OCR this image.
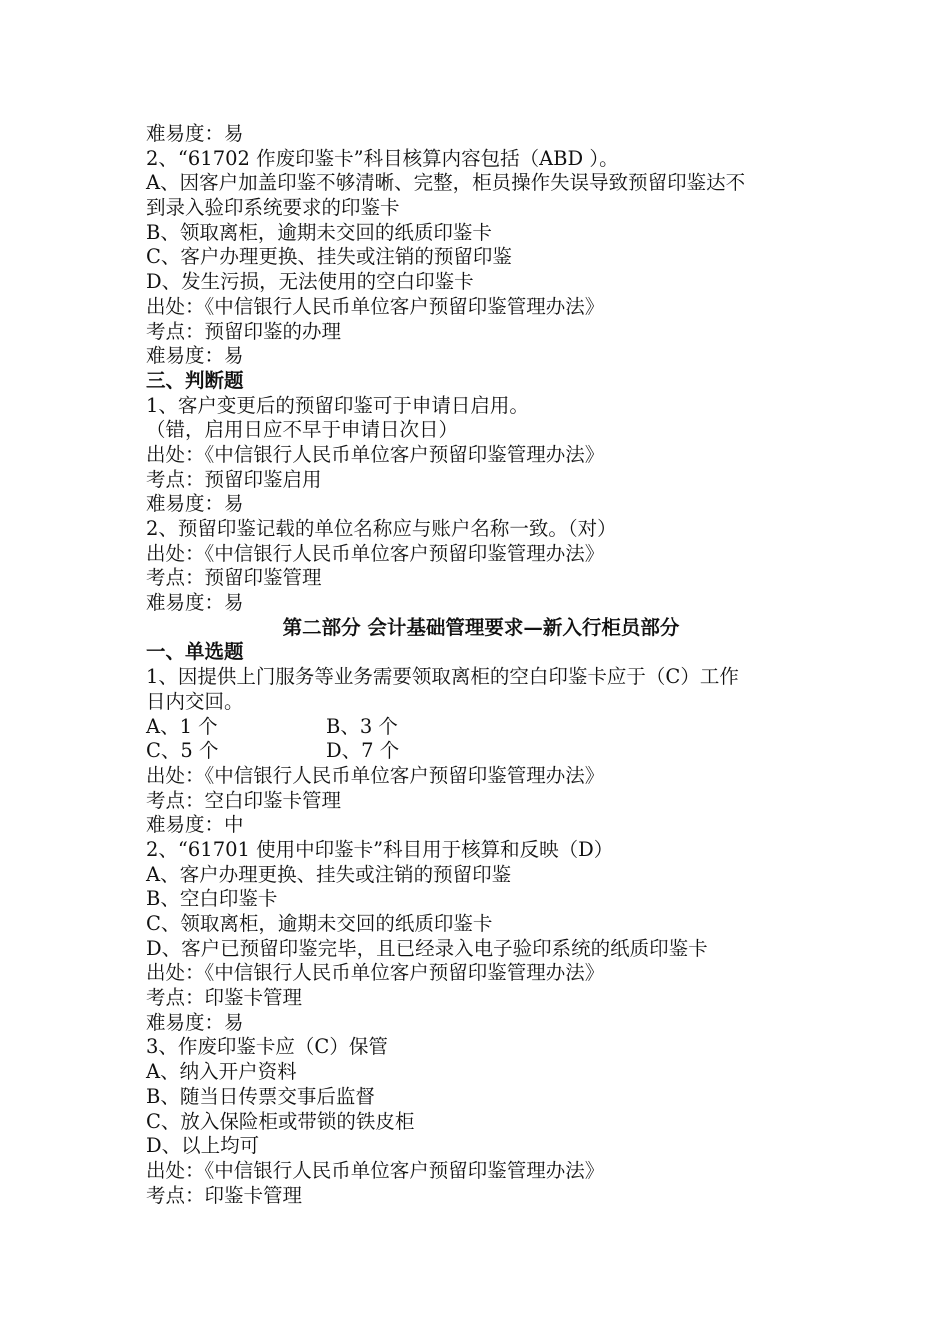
难易度：易
2、“61702 作废印鉴卡”科目核算内容包括（ABD ）。
A、因客户加盖印鉴不够清晰、完整，柜员操作失误导致预留印鉴达不
到录入验印系统要求的印鉴卡
B、领取离柜，逾期未交回的纸质印鉴卡
C、客户办理更换、挂失或注销的预留印鉴
D、发生污损，无法使用的空白印鉴卡
出处：《中信银行人民币单位客户预留印鉴管理办法》
考点：预留印鉴的办理
难易度：易
三、判断题
1、客户变更后的预留印鉴可于申请日启用。
（错，启用日应不早于申请日次日）
出处：《中信银行人民币单位客户预留印鉴管理办法》
考点：预留印鉴启用
难易度：易
2、预留印鉴记载的单位名称应与账户名称一致。（对）
出处：《中信银行人民币单位客户预留印鉴管理办法》
考点：预留印鉴管理
难易度：易
第二部分 会计基础管理要求—新入行柜员部分
一、单选题
1、因提供上门服务等业务需要领取离柜的空白印鉴卡应于（C）工作
日内交回。
A、1 个	B、3 个
C、5 个	D、7 个
出处：《中信银行人民币单位客户预留印鉴管理办法》
考点：空白印鉴卡管理
难易度：中
2、“61701 使用中印鉴卡”科目用于核算和反映（D）
A、客户办理更换、挂失或注销的预留印鉴
B、空白印鉴卡
C、领取离柜，逾期未交回的纸质印鉴卡
D、客户已预留印鉴完毕，且已经录入电子验印系统的纸质印鉴卡
出处：《中信银行人民币单位客户预留印鉴管理办法》
考点：印鉴卡管理
难易度：易
3、作废印鉴卡应（C）保管
A、纳入开户资料
B、随当日传票交事后监督
C、放入保险柜或带锁的铁皮柜
D、以上均可
出处：《中信银行人民币单位客户预留印鉴管理办法》
考点：印鉴卡管理
